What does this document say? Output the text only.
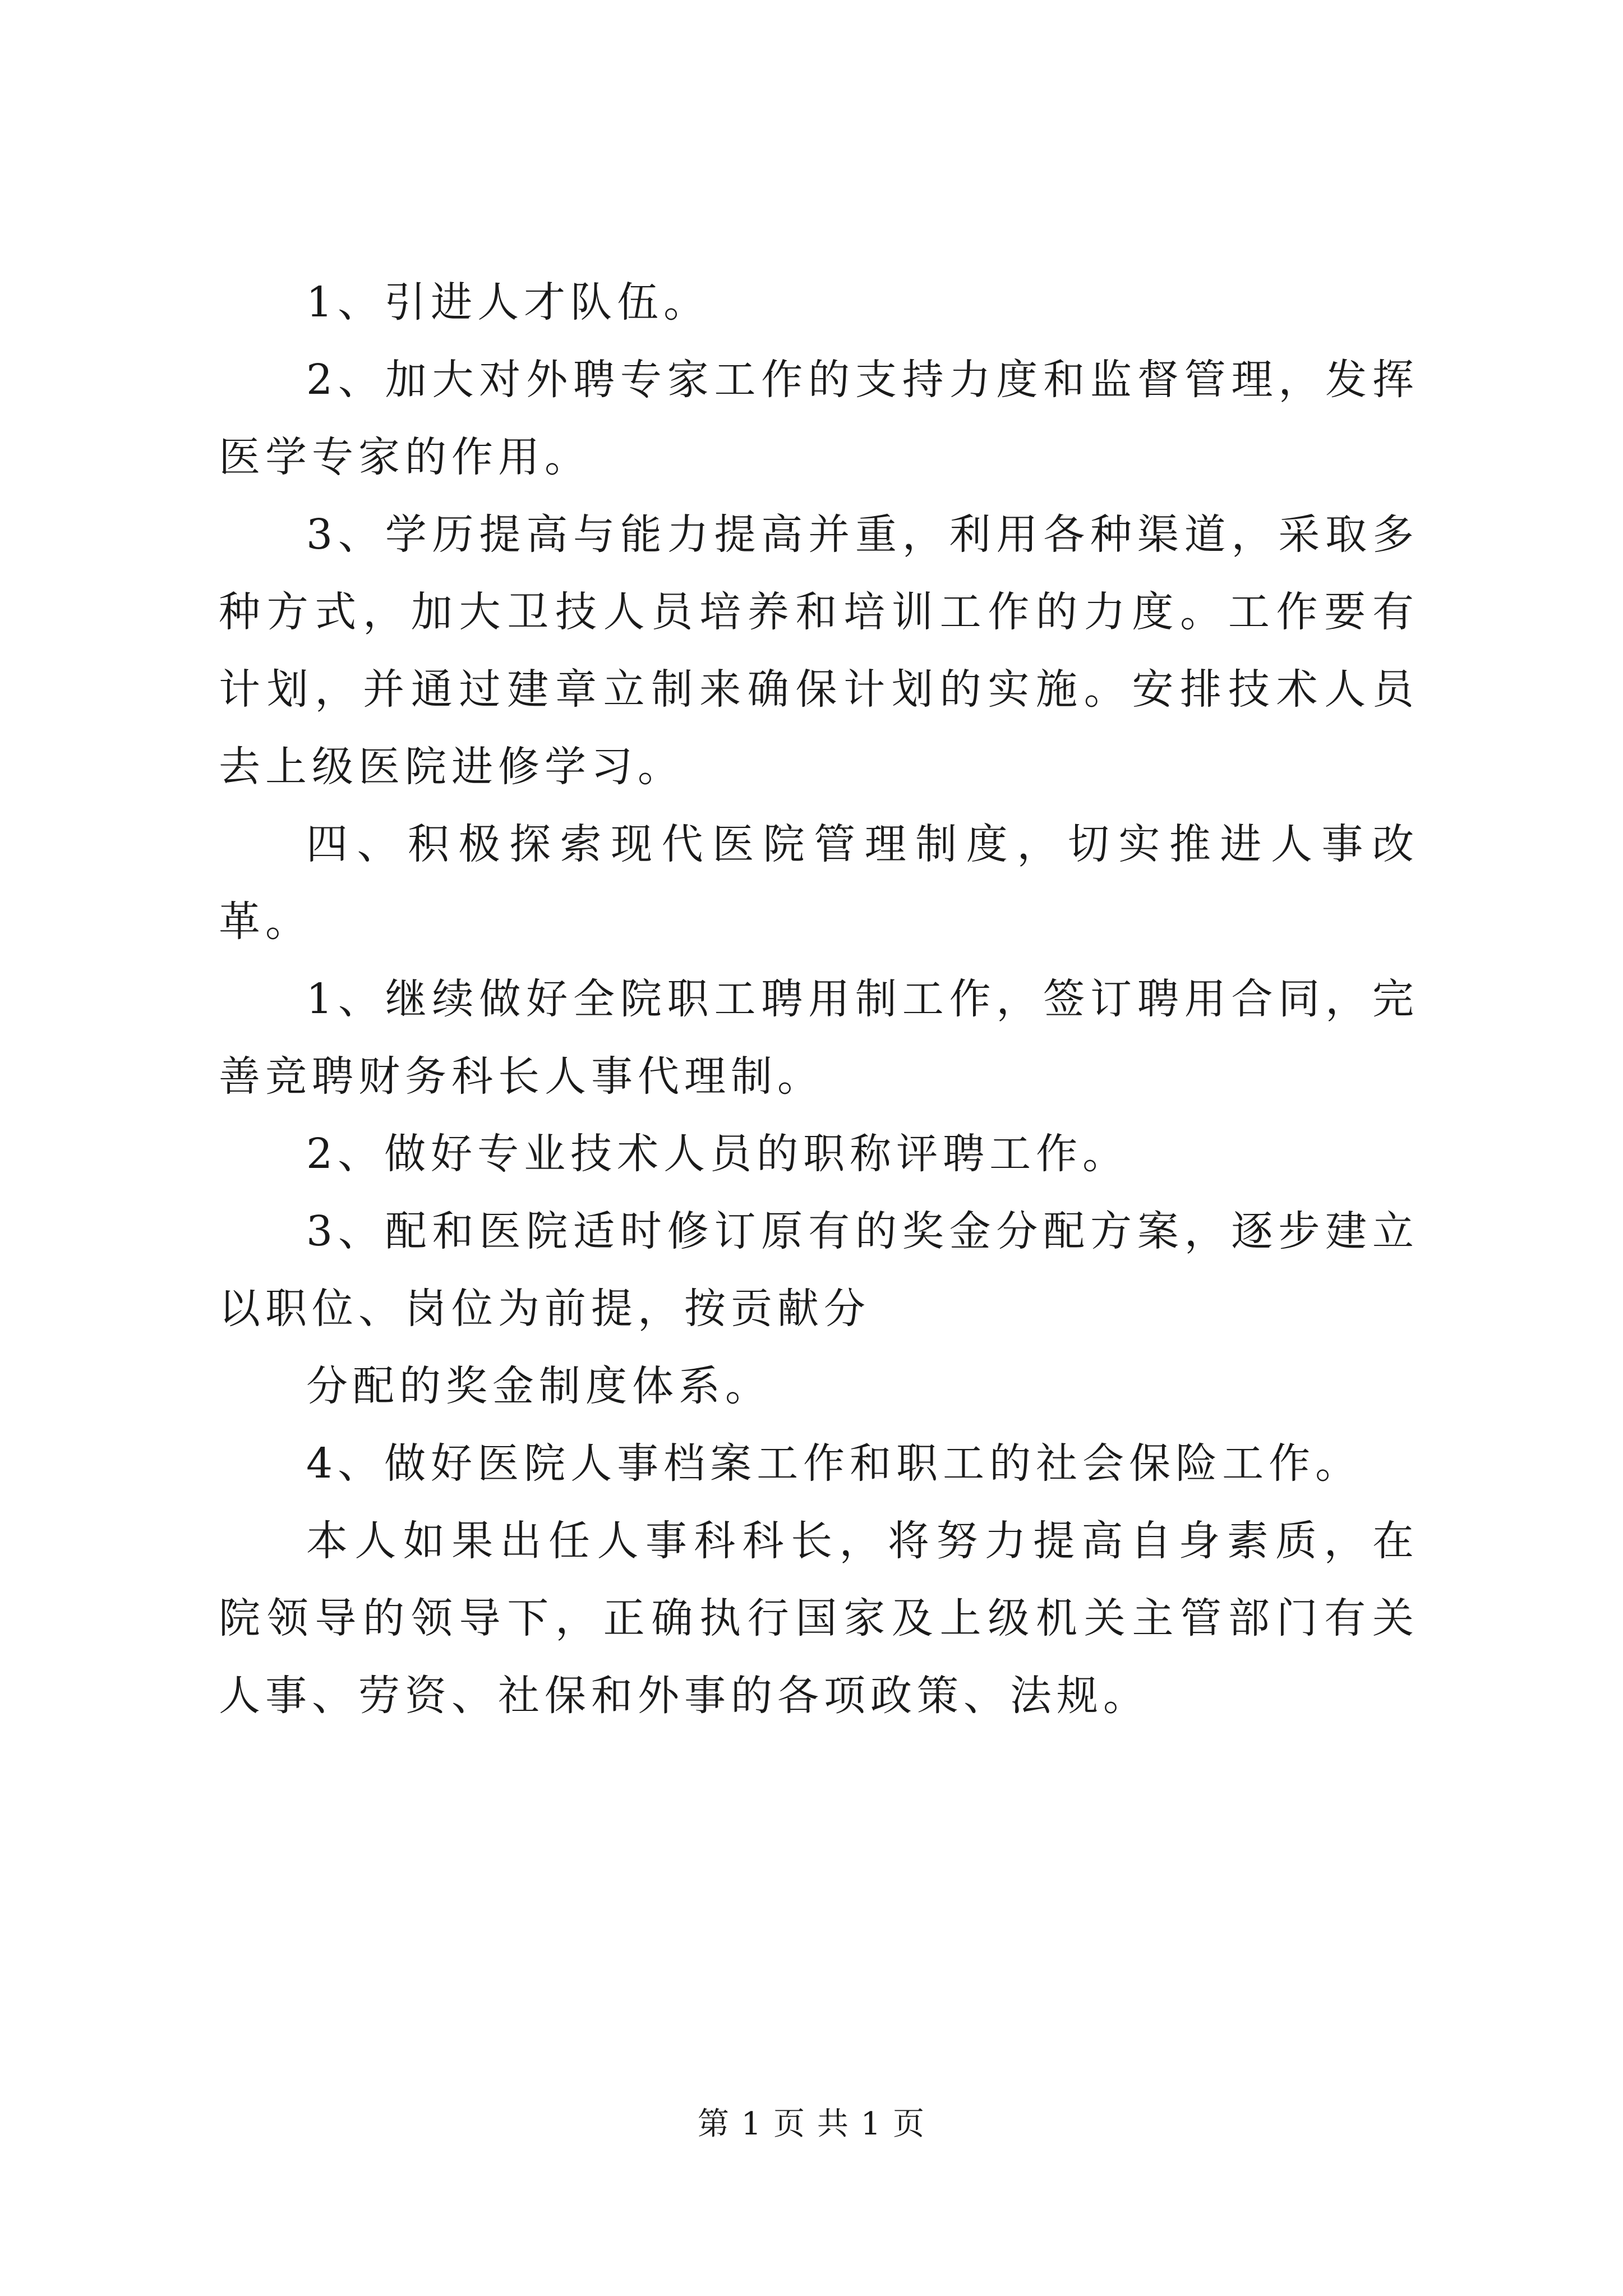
1、引进人才队伍。

2、加大对外聘专家工作的支持力度和监督管理，发挥医学专家的作用。

3、学历提高与能力提高并重，利用各种渠道，采取多种方式，加大卫技人员培养和培训工作的力度。工作要有计划，并通过建章立制来确保计划的实施。安排技术人员去上级医院进修学习。

四、积极探索现代医院管理制度，切实推进人事改革。

1、继续做好全院职工聘用制工作，签订聘用合同，完善竞聘财务科长人事代理制。

2、做好专业技术人员的职称评聘工作。

3、配和医院适时修订原有的奖金分配方案，逐步建立以职位、岗位为前提，按贡献分

分配的奖金制度体系。

4、做好医院人事档案工作和职工的社会保险工作。

本人如果出任人事科科长，将努力提高自身素质，在院领导的领导下，正确执行国家及上级机关主管部门有关人事、劳资、社保和外事的各项政策、法规。

第 1 页 共 1 页
